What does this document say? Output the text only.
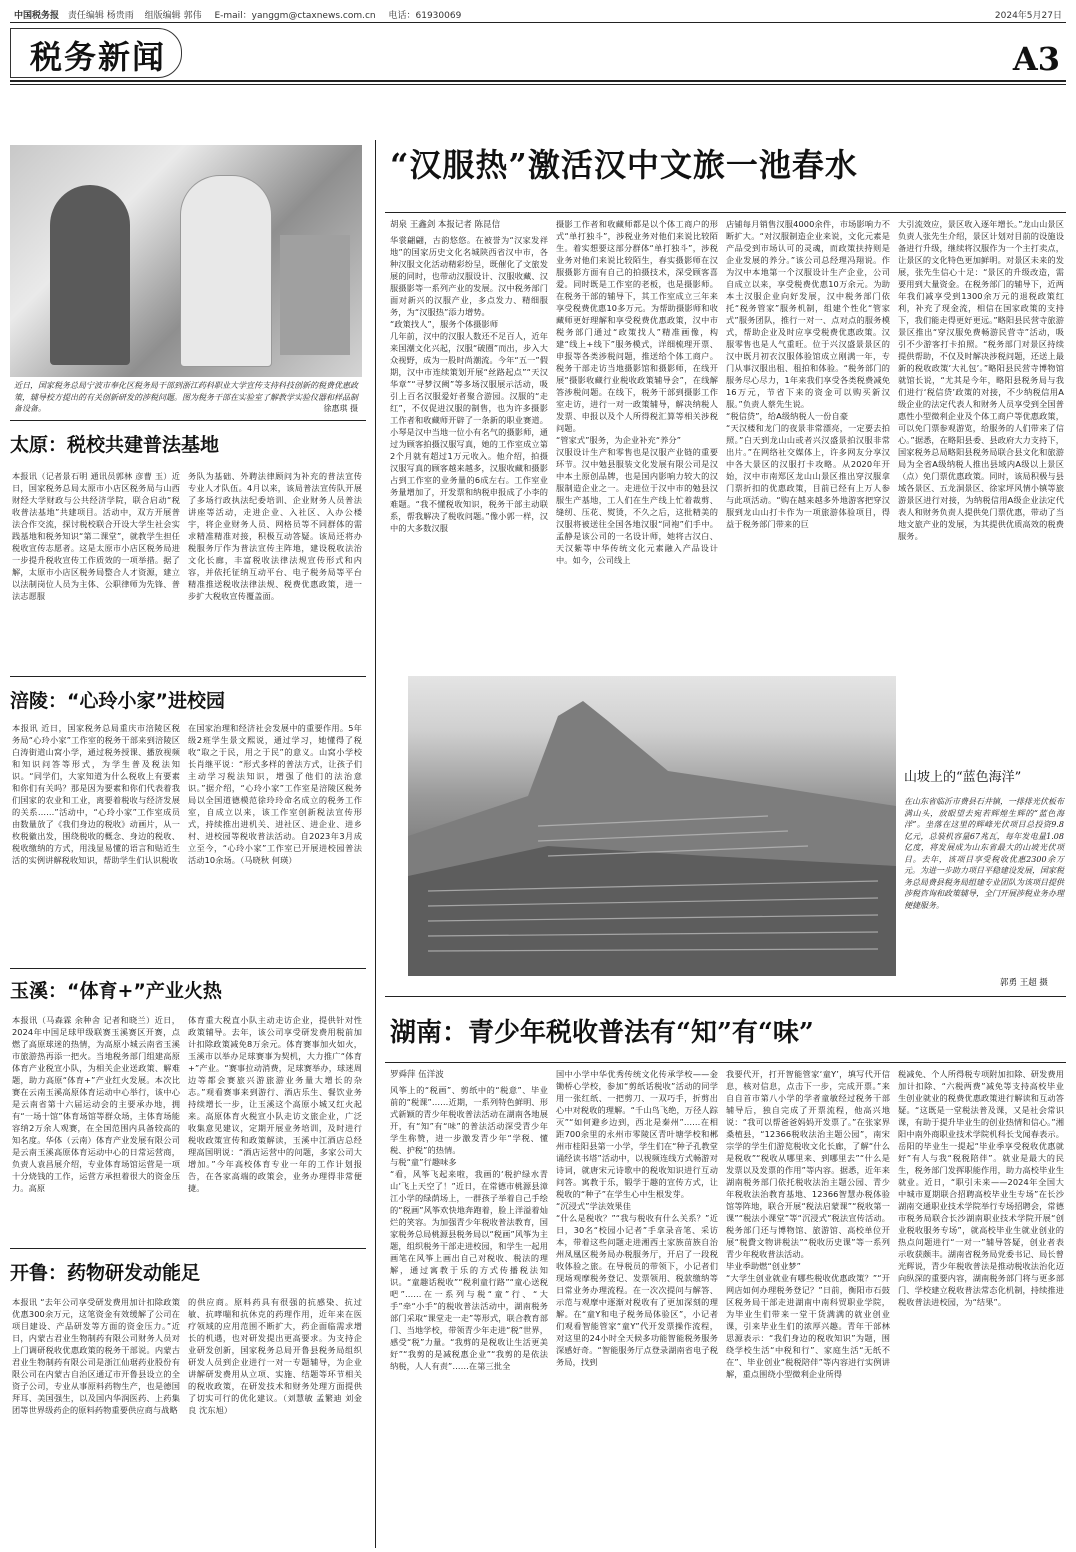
中国税务报 责任编辑 杨贵雨 组版编辑 郭伟 E-mail：yanggm@ctaxnews.com.cn 电话：61930069	2024年5月27日
税务新闻	A3
近日，国家税务总局宁波市奉化区税务局干部到浙江药科职业大学宣传支持科技创新的税费优惠政策，辅导校方提出的有关创新研发的涉税问题。图为税务干部在实验室了解教学实验仪器和样品制备设备。	徐惠琪 摄
太原：税校共建普法基地
本报讯（记者景石明 通讯员郭林 彦曹 玉）近日，国家税务总局太原市小店区税务局与山西财经大学财政与公共经济学院，联合启动“税收普法基地”共建项目。活动中，双方开展普法合作交流，探讨税校联合开设大学生社会实践基地和税务知识“第二课堂”，就教学生担任税收宣传志愿者。这是太原市小店区税务局进一步提升税收宣传工作质效的一项举措。据了解，太原市小店区税务局整合人才资源，建立以法制岗位人员为主体、公职律师为先锋、普法志愿服
务队为基础、外聘法律顾问为补充的普法宣传专业人才队伍。4月以来，该局普法宣传队开展了多场行政执法纪委培训、企业财务人员普法讲座等活动，走进企业、入社区、入办公楼宇，将企业财务人员、网格员等不同群体的需求精准精准对接，积极互动答疑。该局还将办税服务厅作为普法宣传主阵地，建设税收法治文化长廊，丰富税收法律法规宣传形式和内容，并依托征纳互动平台、电子税务局等平台精准推送税收法律法规、税费优惠政策，进一步扩大税收宣传覆盖面。
涪陵：“心玲小家”进校园
本报讯 近日，国家税务总局重庆市涪陵区税务局“心玲小家”工作室的税务干部来到涪陵区白涛街道山窝小学，通过税务授课、播放视频和知识问答等形式，为学生普及税法知识。“同学们，大家知道为什么税收上有要素和你们有关吗？那是因为要素和你们代表着我们国家的农业和工业，离要着税收与经济发展的关系……”活动中，“心玲小家”工作室成员由数量放了《我们身边的税收》动画片，从一枚税徽出发，围绕税收的概念、身边的税收、税收缴纳的方式，用浅显易懂的语言和贴近生活的实例讲解税收知识，帮助学生们认识税收
在国家治理和经济社会发展中的重要作用。5年级2班学生景文熙说，通过学习，她懂得了税收“取之于民，用之于民”的意义。山窝小学校长肖继平说：“形式多样的普法方式，让孩子们主动学习税法知识，增强了他们的法治意识。”据介绍，“心玲小家”工作室是涪陵区税务局以全国道德模范徐玲玲命名成立的税务工作室，自成立以来，该工作室创新税法宣传形式，持续推出进机关、进社区、进企业、进乡村、进校园等税收普法活动。自2023年3月成立至今，“心玲小家”工作室已开展进校园普法活动10余场。（马晓秋 何瑛）
玉溪：“体育+”产业火热
本报讯（马森霖 余种舍 记者和晓兰）近日，2024年中国足球甲级联赛玉溪赛区开赛，点燃了高原球迷的热情，为高原小城云南省玉溪市旅游热再添一把火。当地税务部门组建高原体育产业税宣小队，为相关企业送政策、解难题，助力高原“体育+”产业红火发展。本次比赛在云南玉溪高原体育运动中心举行，该中心是云南省第十六届运动会的主要承办地，拥有“一场十馆”体育场馆等群众场，主体育场能容纳2万余人观赛，在全国范围内具备较高的知名度。华体（云南）体育产业发展有限公司是云南玉溪高原体育运动中心的日常运营商，负责人袁昌展介绍，专业体育场馆运营是一项十分烧钱的工作，运营方承担着很大的资金压力。高原
体育重大税直小队主动走访企业，提供针对性政策辅导。去年，该公司享受研发费用税前加计扣除政策减免8万余元。体育赛事加火如火，玉溪市以举办足球赛事为契机，大力推广“体育+”产业。“赛事拉动消费，足球赛举办，球迷周边等都会赛旅兴游旅游业务量大增长的杂志。”观看赛事来到游行、酒店乐生、餐饮业务持续增长一步，让玉溪这个高原小城又红火起来。高原体育火税宣小队走访文旅企业，广泛收集意见建议，定期开展业务培训，及时进行税收政策宣传和政策解读，玉溪中江酒店总经理高国明说：“酒店运营中的问题，多家公司大增加。”今年高校体育专业一年的工作计划报告，在各家高端的政策会，业务办理得非常便捷。
开鲁：药物研发动能足
本报讯 “去年公司享受研发费用加计扣除政策优惠300余万元，这笔资金有效缓解了公司在项目建设、产品研发等方面的资金压力。”近日，内蒙古君业生物制药有限公司财务人员对上门调研税收优惠政策的税务干部说。内蒙古君业生物制药有限公司是浙江仙琚药业股份有限公司在内蒙古自治区通辽市开鲁县设立的全资子公司，专业从事原料药物生产，也是德国拜耳、美国强生，以及国内华润医药、上药集团等世界级药企的原料药物重要供应商与战略
的供应商。原料药具有很强的抗感染、抗过敏、抗哮喘和抗休克的药理作用，近年来在医疗领域的应用范围不断扩大，药企面临需求增长的机遇，也对研发提出更高要求。为支持企业研发创新，国家税务总局开鲁县税务局组织研发人员到企业进行一对一专题辅导，为企业讲解研发费用从立项、实施、结题等环节相关的税收政策，在研发技术和财务处理方面提供了切实可行的优化建议。（刘慧敏 孟繁迪 刘金良 沈东旭）
“汉服热”激活汉中文旅一池春水
胡泉 王鑫剑 本报记者 陈昆信
华裳翩翩，古韵悠悠。在被誉为“汉家发祥地”的国家历史文化名城陕西省汉中市，各种汉服文化活动精彩纷呈，既催化了文旅发展的同时，也带动汉服设计、汉服收藏、汉服摄影等一系列产业的发展。汉中税务部门面对新兴的汉服产业，多点发力、精细服务，为“汉服热”添力增势。
“政策找人”，服务个体摄影师
几年前，汉中的汉服人数还不足百人，近年来国潮文化兴起，汉服“破圈”而出，步入大众视野，成为一股时尚潮流。今年“五一”假期，汉中市连续策划开展“丝路起点”“天汉华章”“寻梦汉阙”等多场汉服展示活动，吸引上百名汉服爱好者聚合游园。汉服的“走红”，不仅促进汉服的制售，也为许多摄影工作者和收藏师开辟了一条新的职业赛道。小琴是汉中当地一位小有名气的摄影师，通过为顾客拍摄汉服写真，她的工作室成立第2个月就有超过1万元收入。他介绍，拍摄汉服写真的顾客越来越多，汉服收藏和摄影占到工作室的业务量的6成左右。工作室业务量增加了，开发票和纳税申报成了小李的难题。“我不懂税收知识，税务干部主动联系，帮我解决了税收问题。”像小郭一样，汉中的大多数汉服
摄影工作者和收藏师都是以个体工商户的形式“单打独斗”，涉税业务对他们来说比较陌生。着实想要这部分群体“单打独斗”，涉税业务对他们来说比较陌生，春实摄影师在汉服摄影方面有自己的拍摄技术，深受顾客喜爱。同时既是工作室的老板，也是摄影师。在税务干部的辅导下，其工作室成立三年来享受税费优惠10多万元。为帮助摄影师和收藏师更好理解和享受税费优惠政策，汉中市税务部门通过“政策找人”精准画像，构建“线上+线下”服务模式，详细梳理开票、申报等各类涉税问题，推送给个体工商户。税务干部走访当地摄影馆和摄影师，在线开展“摄影收藏行业税收政策辅导会”，在线解答涉税问题。在线下，税务干部到摄影工作室走访，进行一对一政策辅导，解决纳税人发票、申报以及个人所得税汇算等相关涉税问题。
“管家式”服务，为企业补充“养分”
汉服设计生产和零售也是汉服产业链的重要环节。汉中勉县服装文化发展有限公司是汉中本土原创品牌，也是国内影响力较大的汉服制造企业之一。走进位于汉中市的勉县汉服生产基地，工人们在生产线上忙着裁剪、缝纫、压花、熨烫，不久之后，这批精美的汉服将被送往全国各地汉服“同袍”们手中。孟静是该公司的一名设计师，她将古汉白、天汉紫等中华传统文化元素融入产品设计中。如今，公司线上
店铺每月销售汉服4000余件，市场影响力不断扩大。“对汉服制造企业来说，文化元素是产品受到市场认可的灵魂，而政策扶持则是企业发展的养分。”该公司总经理冯翔说。作为汉中本地第一个汉服设计生产企业，公司自成立以来，享受税费优惠10万余元。为助本土汉服企业向好发展，汉中税务部门依托“税务管家”服务机制，组建个性化“管家式”服务团队，推行一对一、点对点的服务模式，帮助企业及时应享受税费优惠政策。汉服零售也是人气重旺。位于兴汉盛景景区的汉中既月初衣汉服体验馆成立刚满一年，专门从事汉服出租、租拍和体验。“税务部门的服务尽心尽力，1年来我们享受各类税费减免16万元，节省下来的资金可以购买新汉服。”负责人蔡先生说。
“税信贷”，给A级纳税人一份自豪
“天汉楼和龙门的夜景非常漂亮，一定要去拍照。”白天到龙山山或者兴汉盛景拍汉服非常出片。”在网络社交媒体上，许多网友分享汉中各大景区的汉服打卡攻略。从2020年开始，汉中市南郑区龙山山景区推出穿汉服拿门票折扣的优惠政策，目前已经有上万人参与此项活动。“购在越来越多外地游客把穿汉服到龙山山打卡作为一项旅游体验项目，得益于税务部门带来的巨
大引流效应，景区收入逐年增长。”龙山山景区负责人张先生介绍，景区计划对目前的设施设备进行升级，继续将汉服作为一个主打卖点，让景区的文化特色更加鲜明。对景区未来的发展，张先生信心十足：“景区的升级改造，需要用到大量资金。在税务部门的辅导下，近两年我们减享受到1300余万元的退税政策红利，补充了现金流，相信在国家政策的支持下，我们能走得更好更远。”略阳县民营寺旅游景区推出“穿汉服免费畅游民营寺”活动，吸引不少游客打卡拍照。“税务部门对景区持续提供帮助，不仅及时解决涉税问题，还送上最新的税收政策‘大礼包’。”略阳县民营寺博物馆就馆长说，“尤其是今年，略阳县税务局与我们进行‘税信贷’政策的对接，不少纳税信用A级企业的法定代表人和财务人员享受到全国普惠性小型微利企业及个体工商户等优惠政策，可以免门票参观游览，给服务的人们带来了信心。”据悉，在略阳县委、县政府大力支持下，国家税务总局略阳县税务局联合县文化和旅游局为全省A级纳税人推出县域内A级以上景区（点）免门票优惠政策。同时，该局积极与县域各景区、五龙洞景区、徐家坪风情小镇等旅游景区进行对接，为纳税信用A级企业法定代表人和财务负责人提供免门票优惠，带动了当地文旅产业的发展，为其提供优质高效的税费服务。
山坡上的“蓝色海洋”
在山东省临沂市费县石井镇，一排排光伏板布满山头，放眼望去宛若辉煌生辉的“蓝色海洋”。坐落在这里的辉峰光伏项目总投资9.8亿元，总装机容量67兆瓦，每年发电量1.08亿度，将发展成为山东省最大的山坡光伏项目。去年，该项目享受税收优惠2300余万元。为进一步助力项目平稳建设发展，国家税务总局费县税务局组建专业团队为该项目提供涉税咨询和政策辅导，全门开展涉税业务办理便捷服务。
郭勇 王超 摄
湖南：青少年税收普法有“知”有“味”
罗舜萍 伍洋波
风筝上的“税画”、剪纸中的“税意”、毕业前的“税课”……近期，一系列特色鲜明、形式新颖的青少年税收普法活动在湖南各地展开，有“知”有“味”的普法活动深受青少年学生称赞，进一步激发青少年“学税、懂税、护税”的热情。
与税“童”行趣味多
“看，风筝飞起来啦，我画的‘税护绿水青山’飞上天空了！”近日，在常德市桃源县漳江小学的绿荫场上，一群孩子举着自己手绘的“税画”风筝欢快地奔跑着，脸上洋溢着灿烂的笑容。为加强青少年税收普法教育，国家税务总局桃源县税务局以“税画”风筝为主题，组织税务干部走进校园，和学生一起用画笔在风筝上画出自己对税收、税法的理解，通过寓教于乐的方式传播税法知识。“童趣话税收”“税利童行路”“童心送税吧”……在一系列与税“童”行、“大手”牵“小手”的税收普法活动中，湖南税务部门采取“课堂走一走”等形式，联合教育部门、当地学校，带领青少年走进“税”世界，感受“税”力量。“我剪的是税收让生活更美好”“我剪的是减税惠企业”“我剪的是依法纳税，人人有责”……在第三批全
国中小学中华优秀传统文化传承学校——金锄桥心学校，参加“剪纸话税收”活动的同学用一张红纸、一把剪刀、一双巧手，折剪出心中对税收的理解。“千山鸟飞绝，万径人踪灭”“如何避乡边到，西北是秦州”……在相距700余里的永州市零陵区青叶塘学校和郴州市桂阳县第一小学，学生们在“种子孔教堂 诵经读书塔”活动中，以视频连线方式畅游对诗词，就唐宋元诗歌中的税收知识进行互动问答。寓教于乐，锻学于趣的宣传方式，让税收的“种子”在学生心中生根发芽。
“沉浸式”学法效果佳
“什么是税收？”“我与税收有什么关系？”近日，30名“校园小记者”手拿录音笔、采访本，带着这些问题走进湘西土家族苗族自治州凤凰区税务局办税服务厅，开启了一段税收体验之旅。在导税员的带领下，小记者们现场观摩税务登记、发票领用、税款缴纳等日常业务办理流程。在一次次提问与解答、示范与观摩中逐渐对税收有了更加深刻的理解。在“童Y和电子税务局体验区”，小记者们观看智能管家“童Y”代开发票操作流程，对这里的24小时全天候多功能智能税务服务深感好奇。“智能服务厅点登录湖南省电子税务局，找到
我要代开，打开智能管家‘童Y’，填写代开信息，核对信息，点击下一步，完成开票。”来自自首市第八小学的学者童敏经过税务干部辅导后，独自完成了开票流程，他高兴地说：“我可以帮爸爸妈妈开发票了。”在张家界桑植县，“12366税收法治主题公园”，南宋宗学的学生们游览税收文化长廊，了解“什么是税收”“税收从哪里来、到哪里去”“什么是发票以及发票的作用”等内容。据悉，近年来湖南税务部门依托税收法治主题公园、青少年税收法治教育基地、12366智慧办税体验馆等阵地，联合开展“税法启蒙课”“税收第一课”“税法小课堂”等“沉浸式”税法宣传活动。税务部门还与博物馆、旅游馆、高校单位开展“税費文物讲税法”“税收历史课”等一系列青少年税收普法活动。
毕业季助燃“创业梦”
“大学生创业就业有哪些税收优惠政策？”“开网店如何办理税务登记？”日前，衡阳市石鼓区税务局干部走进湖南中南科贸职业学院，为毕业生们带来一堂干货满满的就业创业课，引来毕业生们的浓厚兴趣。青年干部林思源表示：“我们身边的税收知识”为题，围绕学校生活“中税和行”、家庭生活“无纸不在”、毕业创业“税税陪伴”等内容进行实例讲解，重点围绕小型微利企业所得
税减免、个人所得税专项附加扣除、研发费用加计扣除、“六税两费”减免等支持高校毕业生创业就业的税费优惠政策进行解读和互动答疑。“这既是一堂税法普及课，又是社会常识课，有助于提升毕业生的创业热情和信心。”湘阳中南外商职业技术学院机科长戈闻春表示。岳阳的毕业生一提起“毕业季享受税收优惠就好”有人与我“税税陪伴”。就业是最大的民生，税务部门发挥职能作用，助力高校毕业生就业。近日，“职引未来——2024年全国大中城市夏期联合招聘高校毕业生专场”在长沙湖南交通职业技术学院举行专场招聘会，常德市税务局联合长沙湖南职业技术学院开展“创业税收服务专场”，就高校毕业生就业创业的热点问题进行“一对一”辅导答疑，创业者表示收获颇丰。湖南省税务局党委书记、局长曾光辉说，青少年税收普法是推动税收法治化迈向纵深的重要内容，湖南税务部门将与更多部门、学校建立税收普法常态化机制，持续推进税收普法进校园，为“结果”。
